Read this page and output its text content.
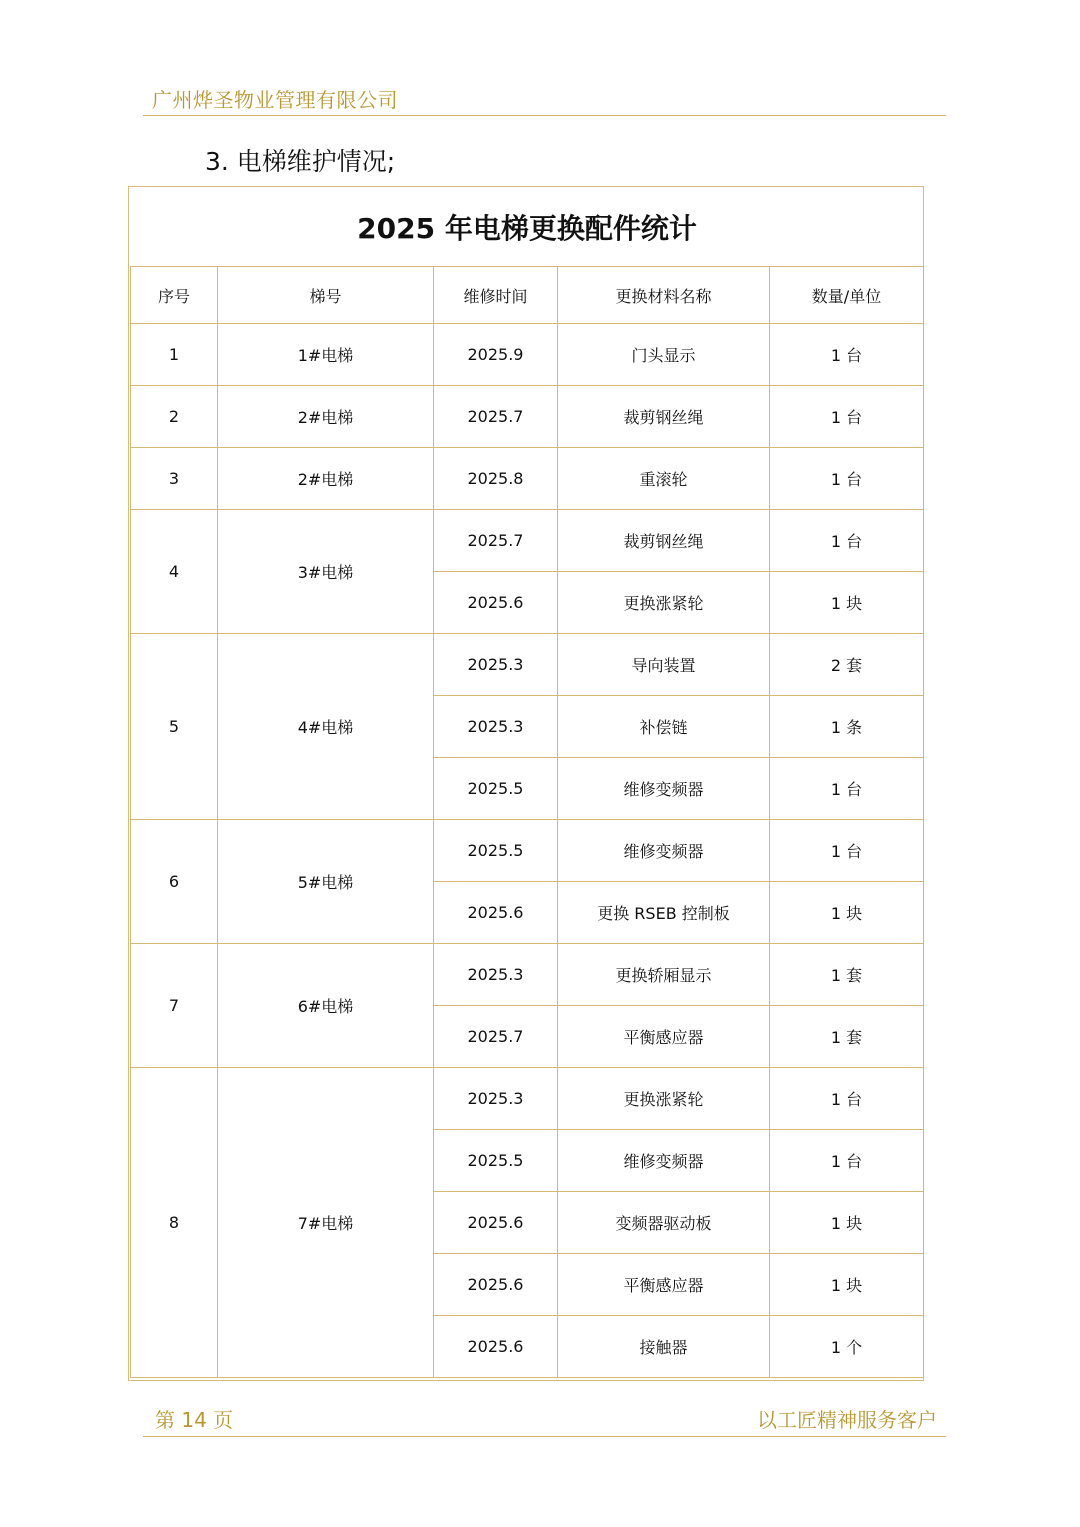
广州烨圣物业管理有限公司
3. 电梯维护情况;
2025 年电梯更换配件统计				
序号	梯号	维修时间	更换材料名称	数量/单位
1	1#电梯	2025.9	门头显示	1 台
2	2#电梯	2025.7	裁剪钢丝绳	1 台
3	2#电梯	2025.8	重滚轮	1 台
4	3#电梯	2025.7	裁剪钢丝绳	1 台
		2025.6	更换涨紧轮	1 块
5	4#电梯	2025.3	导向装置	2 套
		2025.3	补偿链	1 条
		2025.5	维修变频器	1 台
6	5#电梯	2025.5	维修变频器	1 台
		2025.6	更换 RSEB 控制板	1 块
7	6#电梯	2025.3	更换轿厢显示	1 套
		2025.7	平衡感应器	1 套
8	7#电梯	2025.3	更换涨紧轮	1 台
		2025.5	维修变频器	1 台
		2025.6	变频器驱动板	1 块
		2025.6	平衡感应器	1 块
		2025.6	接触器	1 个
第 14 页	以工匠精神服务客户
